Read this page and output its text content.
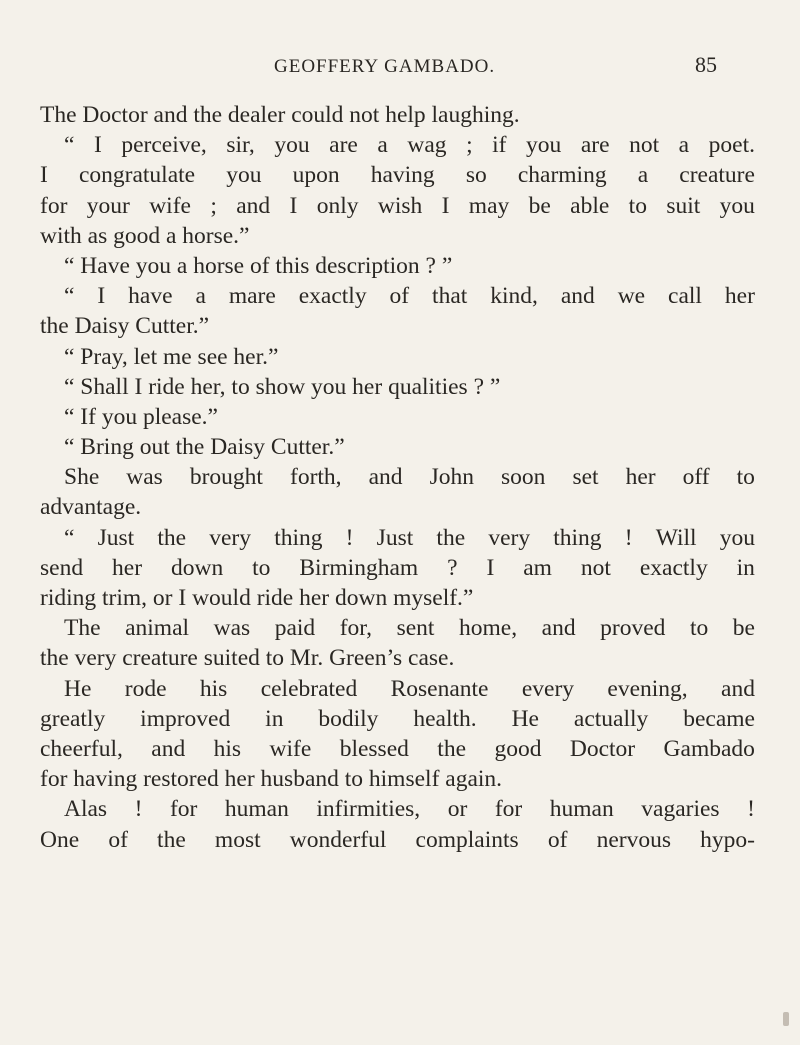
GEOFFERY GAMBADO.	85
The Doctor and the dealer could not help laughing.
“ I perceive, sir, you are a wag ; if you are not a poet.
I congratulate you upon having so charming a creature
for your wife ; and I only wish I may be able to suit you
with as good a horse.”
“ Have you a horse of this description ? ”
“ I have a mare exactly of that kind, and we call her
the Daisy Cutter.”
“ Pray, let me see her.”
“ Shall I ride her, to show you her qualities ? ”
“ If you please.”
“ Bring out the Daisy Cutter.”
She was brought forth, and John soon set her off to
advantage.
“ Just the very thing ! Just the very thing ! Will you
send her down to Birmingham ? I am not exactly in
riding trim, or I would ride her down myself.”
The animal was paid for, sent home, and proved to be
the very creature suited to Mr. Green’s case.
He rode his celebrated Rosenante every evening, and
greatly improved in bodily health. He actually became
cheerful, and his wife blessed the good Doctor Gambado
for having restored her husband to himself again.
Alas ! for human infirmities, or for human vagaries !
One of the most wonderful complaints of nervous hypo-
